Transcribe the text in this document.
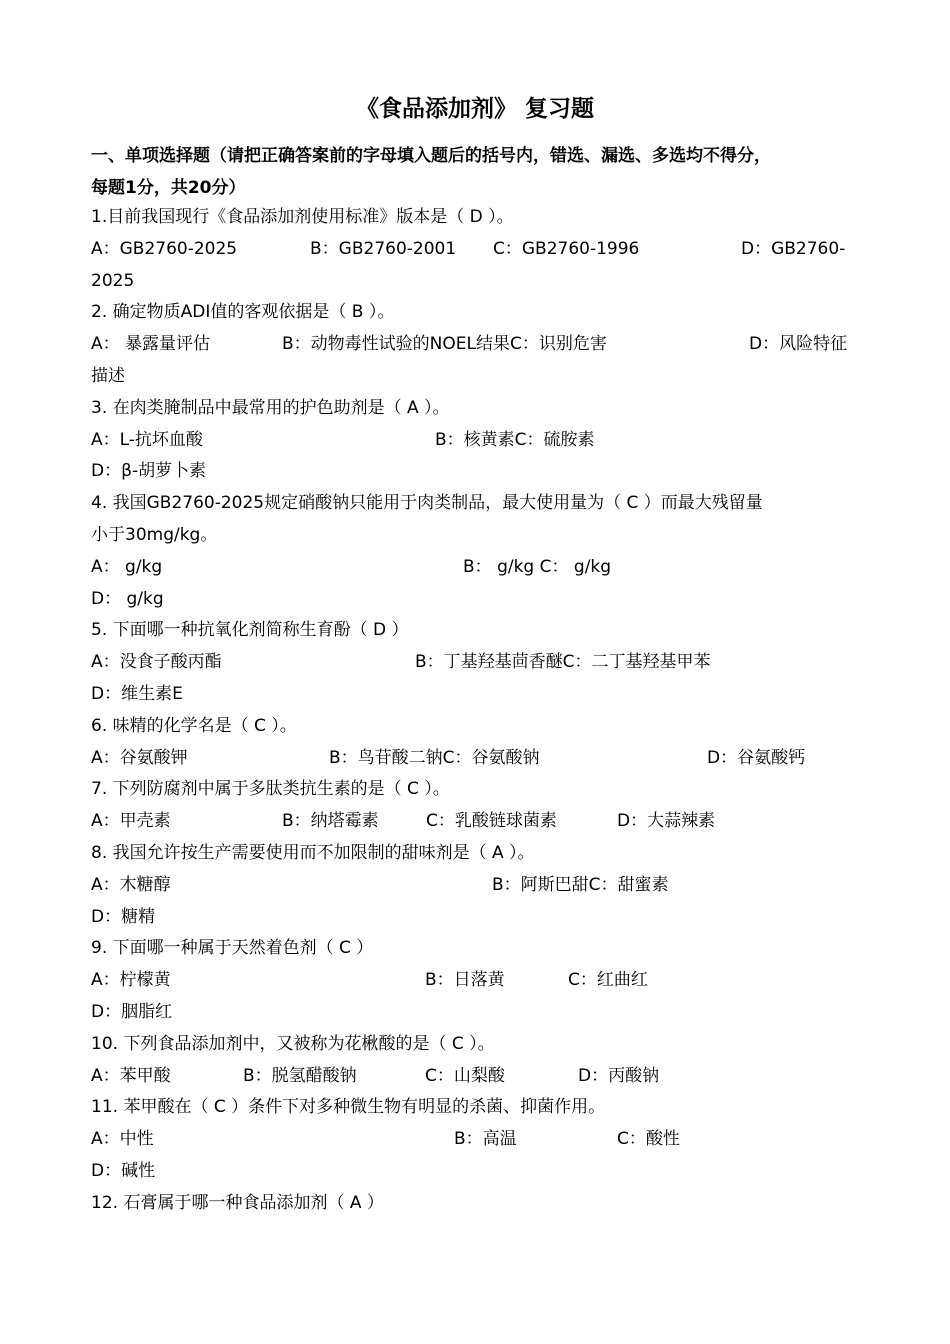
《食品添加剂》 复习题
一、单项选择题（请把正确答案前的字母填入题后的括号内，错选、漏选、多选均不得分，
每题1分，共20分）
1.目前我国现行《食品添加剂使用标准》版本是（ D ）。
A：GB2760-2025	B：GB2760-2001 C：GB2760-1996	D：GB2760-
2025
2. 确定物质ADI值的客观依据是（ B ）。
A： 暴露量评估	B：动物毒性试验的NOEL结果C：识别危害	D：风险特征
描述
3. 在肉类腌制品中最常用的护色助剂是（ A ）。
A：L-抗坏血酸	B：核黄素C：硫胺素
D：β-胡萝卜素
4. 我国GB2760-2025规定硝酸钠只能用于肉类制品，最大使用量为（ C ）而最大残留量
小于30mg/kg。
A： g/kg	B： g/kg C： g/kg
D： g/kg
5. 下面哪一种抗氧化剂简称生育酚（ D ）
A：没食子酸丙酯	B：丁基羟基茴香醚C：二丁基羟基甲苯
D：维生素E
6. 味精的化学名是（ C ）。
A：谷氨酸钾	B：鸟苷酸二钠C：谷氨酸钠	D：谷氨酸钙
7. 下列防腐剂中属于多肽类抗生素的是（ C ）。
A：甲壳素	B：纳塔霉素	C：乳酸链球菌素	D：大蒜辣素
8. 我国允许按生产需要使用而不加限制的甜味剂是（ A ）。
A：木糖醇	B：阿斯巴甜C：甜蜜素
D：糖精
9. 下面哪一种属于天然着色剂（ C ）
A：柠檬黄	B：日落黄	C：红曲红
D：胭脂红
10. 下列食品添加剂中，又被称为花楸酸的是（ C ）。
A：苯甲酸	B：脱氢醋酸钠	C：山梨酸	D：丙酸钠
11. 苯甲酸在（ C ）条件下对多种微生物有明显的杀菌、抑菌作用。
A：中性	B：高温	C：酸性
D：碱性
12. 石膏属于哪一种食品添加剂（ A ）
